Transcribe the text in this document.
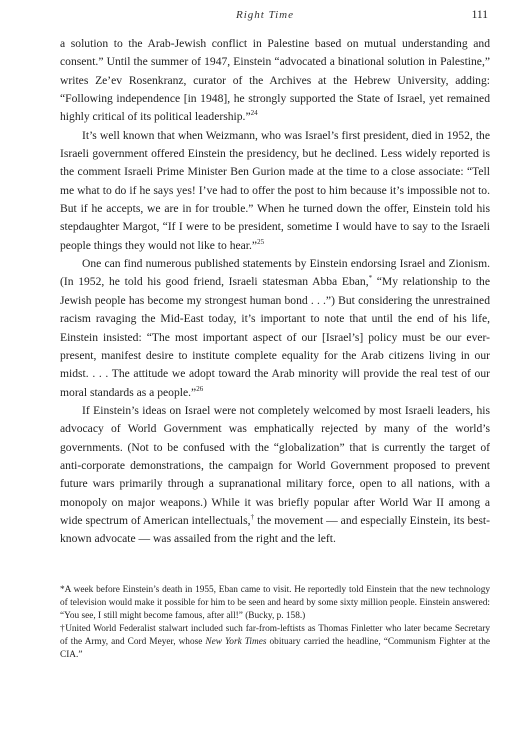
Right Time	111

a solution to the Arab-Jewish conflict in Palestine based on mutual understanding and consent.” Until the summer of 1947, Einstein “advocated a binational solution in Palestine,” writes Ze’ev Rosenkranz, curator of the Archives at the Hebrew University, adding: “Following independence [in 1948], he strongly supported the State of Israel, yet remained highly critical of its political leadership.”$^{24}$

It’s well known that when Weizmann, who was Israel’s first president, died in 1952, the Israeli government offered Einstein the presidency, but he declined. Less widely reported is the comment Israeli Prime Minister Ben Gurion made at the time to a close associate: “Tell me what to do if he says yes! I’ve had to offer the post to him because it’s impossible not to. But if he accepts, we are in for trouble.” When he turned down the offer, Einstein told his stepdaughter Margot, “If I were to be president, sometime I would have to say to the Israeli people things they would not like to hear.”$^{25}$

One can find numerous published statements by Einstein endorsing Israel and Zionism. (In 1952, he told his good friend, Israeli statesman Abba Eban,* “My relationship to the Jewish people has become my strongest human bond . . .”) But considering the unrestrained racism ravaging the Mid-East today, it’s important to note that until the end of his life, Einstein insisted: “The most important aspect of our [Israel’s] policy must be our ever-present, manifest desire to institute complete equality for the Arab citizens living in our midst. . . . The attitude we adopt toward the Arab minority will provide the real test of our moral standards as a people.”$^{26}$

If Einstein’s ideas on Israel were not completely welcomed by most Israeli leaders, his advocacy of World Government was emphatically rejected by many of the world’s governments. (Not to be confused with the “globalization” that is currently the target of anti-corporate demonstrations, the campaign for World Government proposed to prevent future wars primarily through a supranational military force, open to all nations, with a monopoly on major weapons.) While it was briefly popular after World War II among a wide spectrum of American intellectuals,† the movement — and especially Einstein, its best-known advocate — was assailed from the right and the left.

*A week before Einstein’s death in 1955, Eban came to visit. He reportedly told Einstein that the new technology of television would make it possible for him to be seen and heard by some sixty million people. Einstein answered: “You see, I still might become famous, after all!” (Bucky, p. 158.)

†United World Federalist stalwart included such far-from-leftists as Thomas Finletter who later became Secretary of the Army, and Cord Meyer, whose New York Times obituary carried the headline, “Communism Fighter at the CIA.”
